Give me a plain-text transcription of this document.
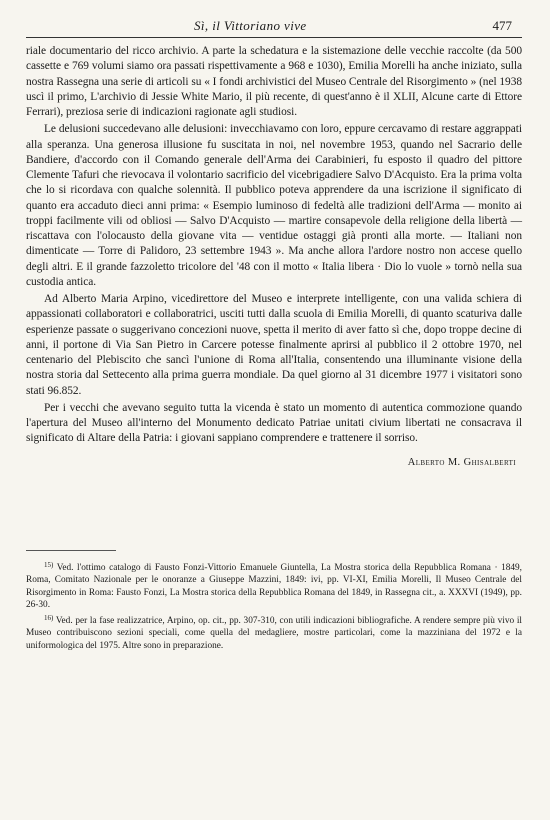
Sì, il Vittoriano vive	477

riale documentario del ricco archivio. A parte la schedatura e la sistemazione delle vecchie raccolte (da 500 cassette e 769 volumi siamo ora passati rispettivamente a 968 e 1030), Emilia Morelli ha anche iniziato, sulla nostra Rassegna una serie di articoli su « I fondi archivistici del Museo Centrale del Risorgimento » (nel 1938 uscì il primo, L'archivio di Jessie White Mario, il più recente, di quest'anno è il XLII, Alcune carte di Ettore Ferrari), preziosa serie di indicazioni ragionate agli studiosi.

Le delusioni succedevano alle delusioni: invecchiavamo con loro, eppure cercavamo di restare aggrappati alla speranza. Una generosa illusione fu suscitata in noi, nel novembre 1953, quando nel Sacrario delle Bandiere, d'accordo con il Comando generale dell'Arma dei Carabinieri, fu esposto il quadro del pittore Clemente Tafuri che rievocava il volontario sacrificio del vicebrigadiere Salvo D'Acquisto. Era la prima volta che lo si ricordava con qualche solennità. Il pubblico poteva apprendere da una iscrizione il significato di quanto era accaduto dieci anni prima: « Esempio luminoso di fedeltà alle tradizioni dell'Arma — monito ai troppi facilmente vili od obliosi — Salvo D'Acquisto — martire consapevole della religione della libertà — riscattava con l'olocausto della giovane vita — ventidue ostaggi già pronti alla morte. — Italiani non dimenticate — Torre di Palidoro, 23 settembre 1943 ». Ma anche allora l'ardore nostro non accese quello degli altri. E il grande fazzoletto tricolore del '48 con il motto « Italia libera · Dio lo vuole » tornò nella sua custodia antica.

Ad Alberto Maria Arpino, vicedirettore del Museo e interprete intelligente, con una valida schiera di appassionati collaboratori e collaboratrici, usciti tutti dalla scuola di Emilia Morelli, di quanto scaturiva dalle esperienze passate o suggerivano concezioni nuove, spetta il merito di aver fatto sì che, dopo troppe decine di anni, il portone di Via San Pietro in Carcere potesse finalmente aprirsi al pubblico il 2 ottobre 1970, nel centenario del Plebiscito che sancì l'unione di Roma all'Italia, consentendo una illuminante visione della nostra storia dal Settecento alla prima guerra mondiale. Da quel giorno al 31 dicembre 1977 i visitatori sono stati 96.852.

Per i vecchi che avevano seguito tutta la vicenda è stato un momento di autentica commozione quando l'apertura del Museo all'interno del Monumento dedicato Patriae unitati civium libertati ne consacrava il significato di Altare della Patria: i giovani sappiano comprendere e trattenere il sorriso.

Alberto M. Ghisalberti

$^{15)}$ Ved. l'ottimo catalogo di Fausto Fonzi-Vittorio Emanuele Giuntella, La Mostra storica della Repubblica Romana · 1849, Roma, Comitato Nazionale per le onoranze a Giuseppe Mazzini, 1849: ivi, pp. VI-XI, Emilia Morelli, Il Museo Centrale del Risorgimento in Roma: Fausto Fonzi, La Mostra storica della Repubblica Romana del 1849, in Rassegna cit., a. XXXVI (1949), pp. 26-30.

$^{16)}$ Ved. per la fase realizzatrice, Arpino, op. cit., pp. 307-310, con utili indicazioni bibliografiche. A rendere sempre più vivo il Museo contribuiscono sezioni speciali, come quella del medagliere, mostre particolari, come la mazziniana del 1972 e la uniformologica del 1975. Altre sono in preparazione.
